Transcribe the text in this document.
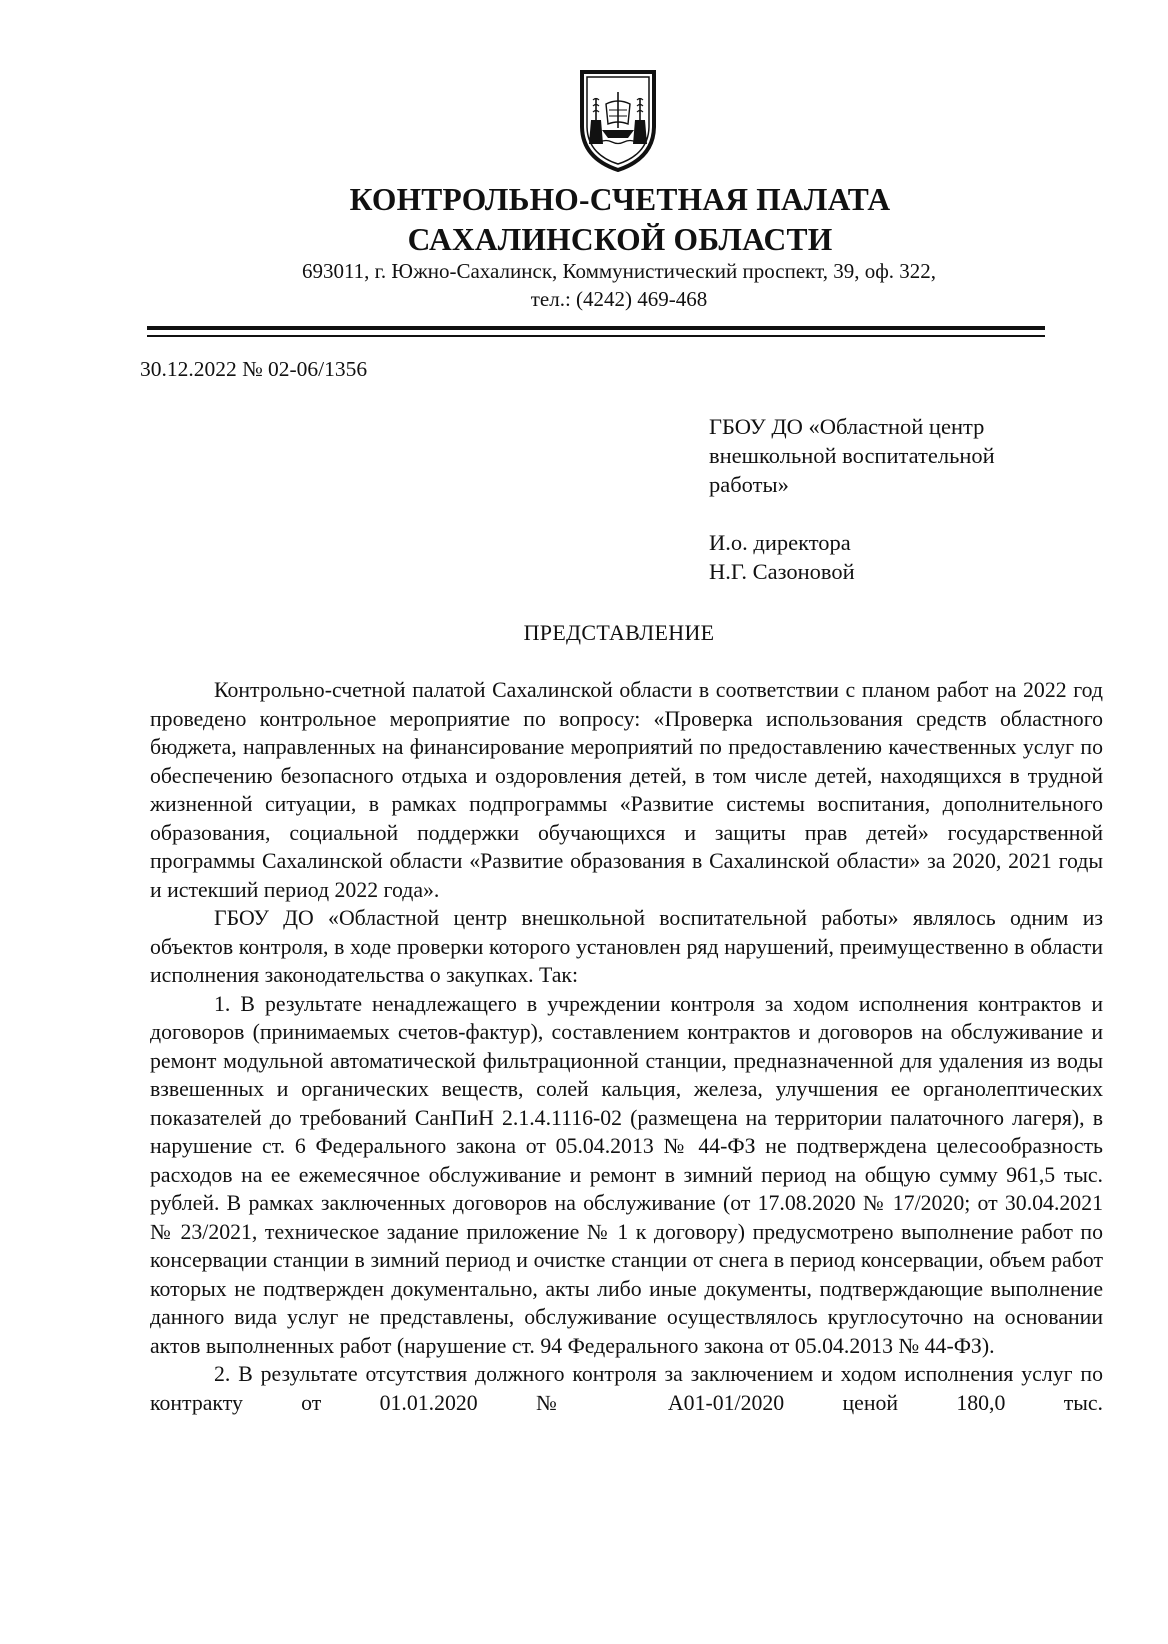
КОНТРОЛЬНО-СЧЕТНАЯ ПАЛАТА
САХАЛИНСКОЙ ОБЛАСТИ
693011, г. Южно-Сахалинск, Коммунистический проспект, 39, оф. 322,
тел.: (4242) 469-468
30.12.2022 № 02-06/1356
ГБОУ ДО «Областной центр
внешкольной воспитательной
работы»
И.о. директора
Н.Г. Сазоновой
ПРЕДСТАВЛЕНИЕ

Контрольно-счетной палатой Сахалинской области в соответствии с планом работ на 2022 год проведено контрольное мероприятие по вопросу: «Проверка использования средств областного бюджета, направленных на финансирование мероприятий по предоставлению качественных услуг по обеспечению безопасного отдыха и оздоровления детей, в том числе детей, находящихся в трудной жизненной ситуации, в рамках подпрограммы «Развитие системы воспитания, дополнительного образования, социальной поддержки обучающихся и защиты прав детей» государственной программы Сахалинской области «Развитие образования в Сахалинской области» за 2020, 2021 годы и истекший период 2022 года».

ГБОУ ДО «Областной центр внешкольной воспитательной работы» являлось одним из объектов контроля, в ходе проверки которого установлен ряд нарушений, преимущественно в области исполнения законодательства о закупках. Так:

1. В результате ненадлежащего в учреждении контроля за ходом исполнения контрактов и договоров (принимаемых счетов-фактур), составлением контрактов и договоров на обслуживание и ремонт модульной автоматической фильтрационной станции, предназначенной для удаления из воды взвешенных и органических веществ, солей кальция, железа, улучшения ее органолептических показателей до требований СанПиН 2.1.4.1116-02 (размещена на территории палаточного лагеря), в нарушение ст. 6 Федерального закона от 05.04.2013 № 44-ФЗ не подтверждена целесообразность расходов на ее ежемесячное обслуживание и ремонт в зимний период на общую сумму 961,5 тыс. рублей. В рамках заключенных договоров на обслуживание (от 17.08.2020 № 17/2020; от 30.04.2021 № 23/2021, техническое задание приложение № 1 к договору) предусмотрено выполнение работ по консервации станции в зимний период и очистке станции от снега в период консервации, объем работ которых не подтвержден документально, акты либо иные документы, подтверждающие выполнение данного вида услуг не представлены, обслуживание осуществлялось круглосуточно на основании актов выполненных работ (нарушение ст. 94 Федерального закона от 05.04.2013 № 44-ФЗ).

2. В результате отсутствия должного контроля за заключением и ходом исполнения услуг по контракту от 01.01.2020 № А01-01/2020 ценой 180,0 тыс.
